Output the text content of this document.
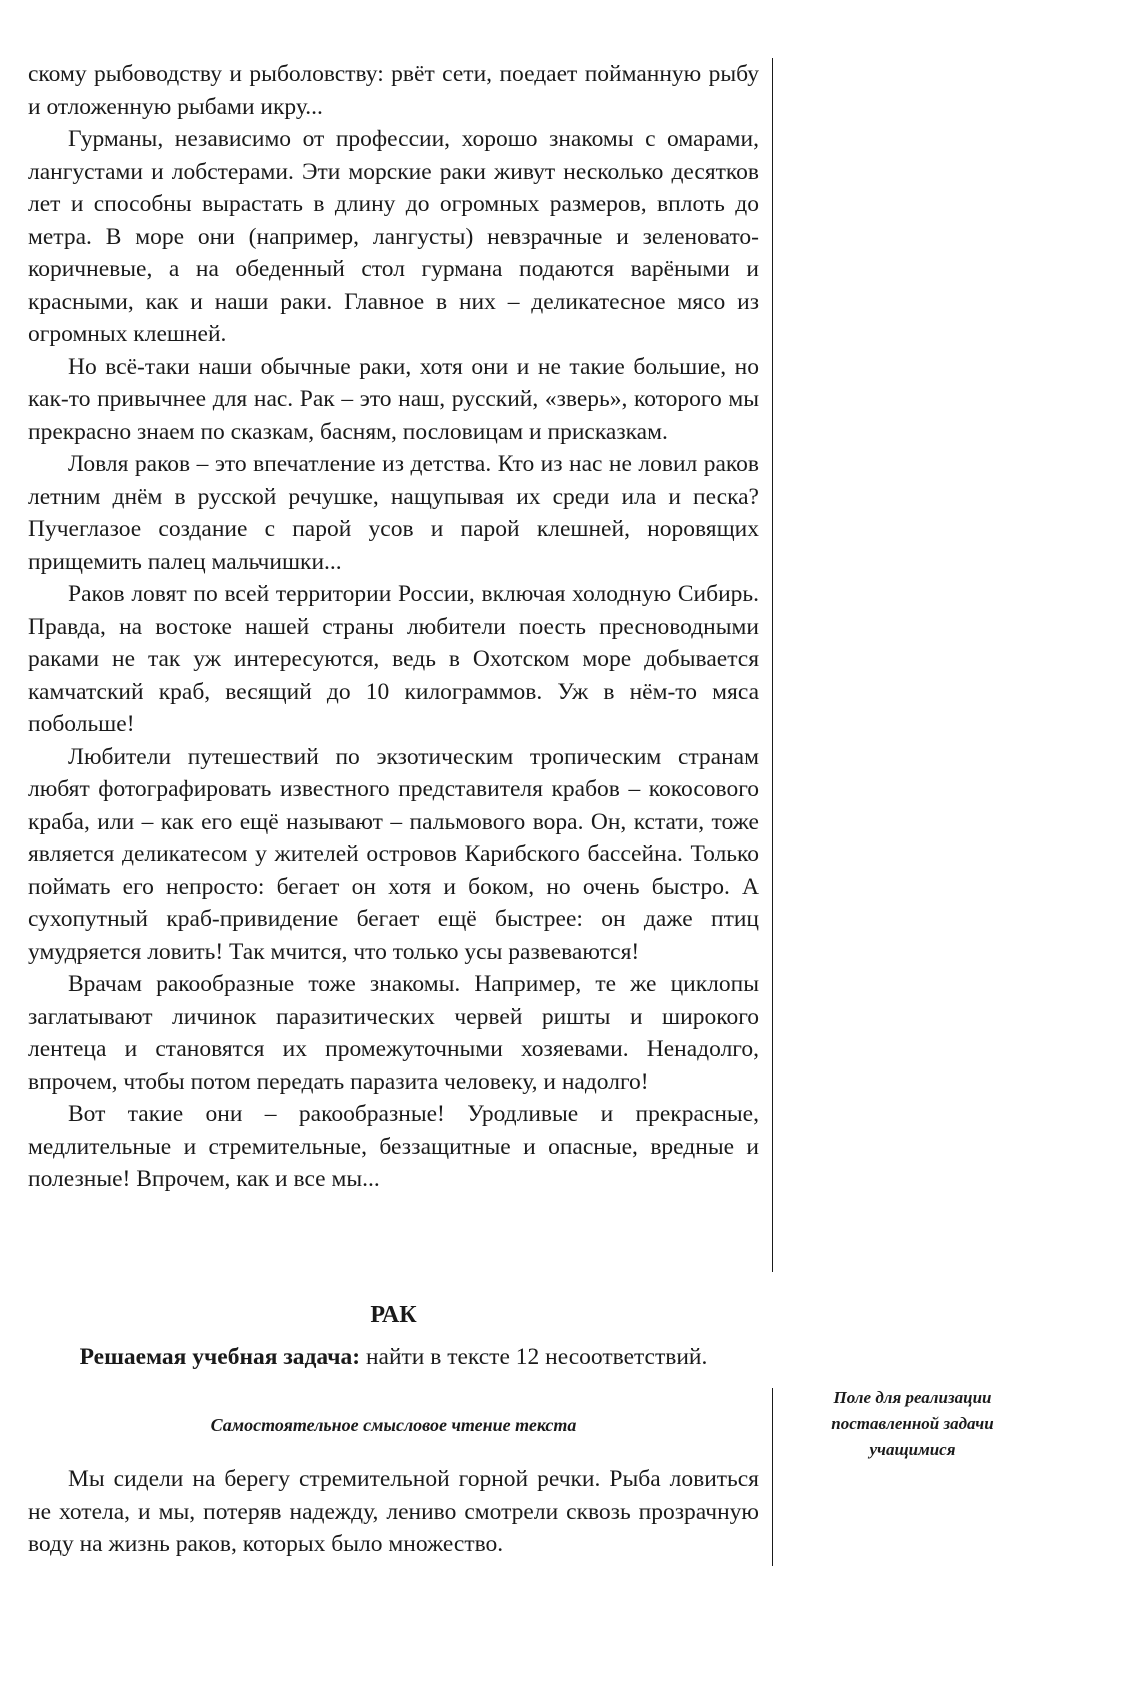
скому рыбоводству и рыболовству: рвёт сети, поедает пойманную рыбу и отложенную рыбами икру...

Гурманы, независимо от профессии, хорошо знакомы с омарами, лангустами и лобстерами. Эти морские раки живут несколько десятков лет и способны вырастать в длину до огромных размеров, вплоть до метра. В море они (например, лангусты) невзрачные и зеленовато-коричневые, а на обеденный стол гурмана подаются варёными и красными, как и наши раки. Главное в них – деликатесное мясо из огромных клешней.

Но всё-таки наши обычные раки, хотя они и не такие большие, но как-то привычнее для нас. Рак – это наш, русский, «зверь», которого мы прекрасно знаем по сказкам, басням, пословицам и присказкам.

Ловля раков – это впечатление из детства. Кто из нас не ловил раков летним днём в русской речушке, нащупывая их среди ила и песка? Пучеглазое создание с парой усов и парой клешней, норовящих прищемить палец мальчишки...

Раков ловят по всей территории России, включая холодную Сибирь. Правда, на востоке нашей страны любители поесть пресноводными раками не так уж интересуются, ведь в Охотском море добывается камчатский краб, весящий до 10 килограммов. Уж в нём-то мяса побольше!

Любители путешествий по экзотическим тропическим странам любят фотографировать известного представителя крабов – кокосового краба, или – как его ещё называют – пальмового вора. Он, кстати, тоже является деликатесом у жителей островов Карибского бассейна. Только поймать его непросто: бегает он хотя и боком, но очень быстро. А сухопутный краб-привидение бегает ещё быстрее: он даже птиц умудряется ловить! Так мчится, что только усы развеваются!

Врачам ракообразные тоже знакомы. Например, те же циклопы заглатывают личинок паразитических червей ришты и широкого лентеца и становятся их промежуточными хозяевами. Ненадолго, впрочем, чтобы потом передать паразита человеку, и надолго!

Вот такие они – ракообразные! Уродливые и прекрасные, медлительные и стремительные, беззащитные и опасные, вредные и полезные! Впрочем, как и все мы...

РАК
Решаемая учебная задача: найти в тексте 12 несоответствий.
Самостоятельное смысловое чтение текста
Поле для реализации поставленной задачи учащимися

Мы сидели на берегу стремительной горной речки. Рыба ловиться не хотела, и мы, потеряв надежду, лениво смотрели сквозь прозрачную воду на жизнь раков, которых было множество.
